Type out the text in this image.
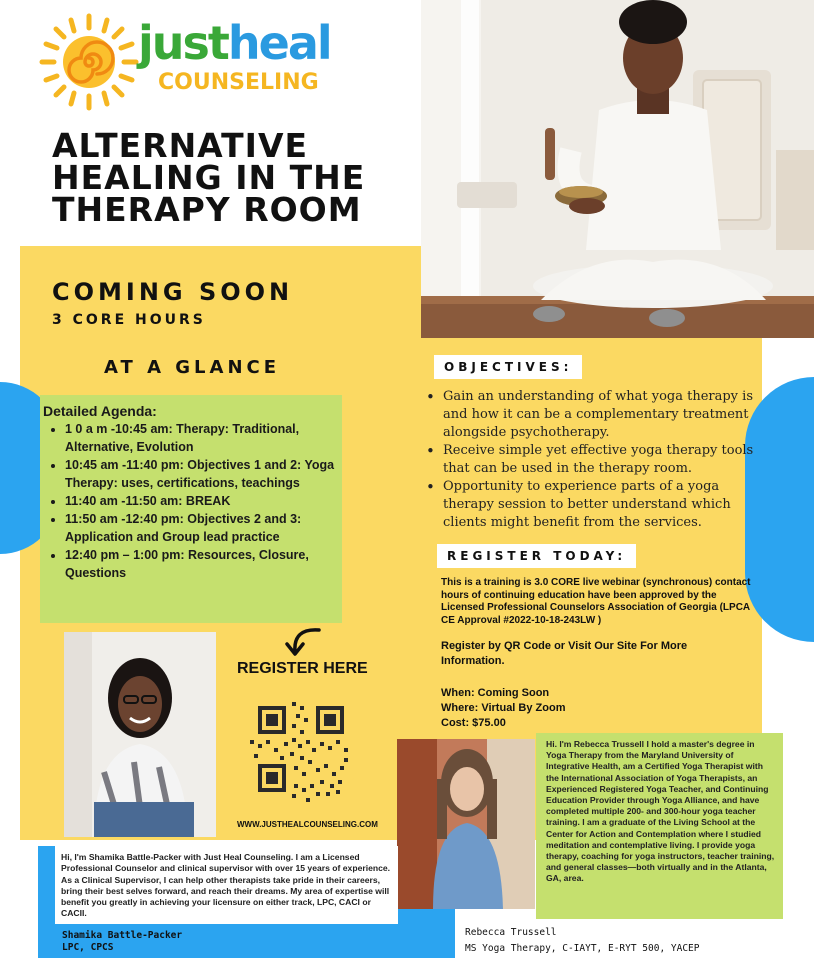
justheal
COUNSELING
ALTERNATIVE
HEALING IN THE
THERAPY ROOM
COMING SOON
3 CORE HOURS
AT A GLANCE
Detailed Agenda:
• 1 0 a m -10:45 am: Therapy: Traditional, Alternative, Evolution
• 10:45 am -11:40 pm: Objectives 1 and 2: Yoga Therapy: uses, certifications, teachings
• 11:40 am -11:50 am: BREAK
• 11:50 am -12:40 pm: Objectives 2 and 3: Application and Group lead practice
• 12:40 pm – 1:00 pm: Resources, Closure, Questions
OBJECTIVES:
• Gain an understanding of what yoga therapy is and how it can be a complementary treatment alongside psychotherapy.
• Receive simple yet effective yoga therapy tools that can be used in the therapy room.
• Opportunity to experience parts of a yoga therapy session to better understand which clients might benefit from the services.
REGISTER TODAY:
This is a training is 3.0 CORE live webinar (synchronous) contact hours of continuing education have been approved by the Licensed Professional Counselors Association of Georgia (LPCA CE Approval #2022-10-18-243LW )
Register by QR Code or Visit Our Site For More Information.
When: Coming Soon
Where: Virtual By Zoom
Cost: $75.00
REGISTER HERE
WWW.JUSTHEALCOUNSELING.COM
Hi, I'm Shamika Battle-Packer with Just Heal Counseling. I am a Licensed Professional Counselor and clinical supervisor with over 15 years of experience. As a Clinical Supervisor, I can help other therapists take pride in their careers, bring their best selves forward, and reach their dreams. My area of expertise will benefit you greatly in achieving your licensure on either track, LPC, CACI or CACII.
Shamika Battle-Packer
LPC, CPCS
Hi. I'm Rebecca Trussell I hold a master's degree in Yoga Therapy from the Maryland University of Integrative Health, am a Certified Yoga Therapist with the International Association of Yoga Therapists, an Experienced Registered Yoga Teacher, and Continuing Education Provider through Yoga Alliance, and have completed multiple 200- and 300-hour yoga teacher training. I am a graduate of the Living School at the Center for Action and Contemplation where I studied meditation and contemplative living. I provide yoga therapy, coaching for yoga instructors, teacher training, and general classes—both virtually and in the Atlanta, GA, area.
Rebecca Trussell
MS Yoga Therapy, C-IAYT, E-RYT 500, YACEP
